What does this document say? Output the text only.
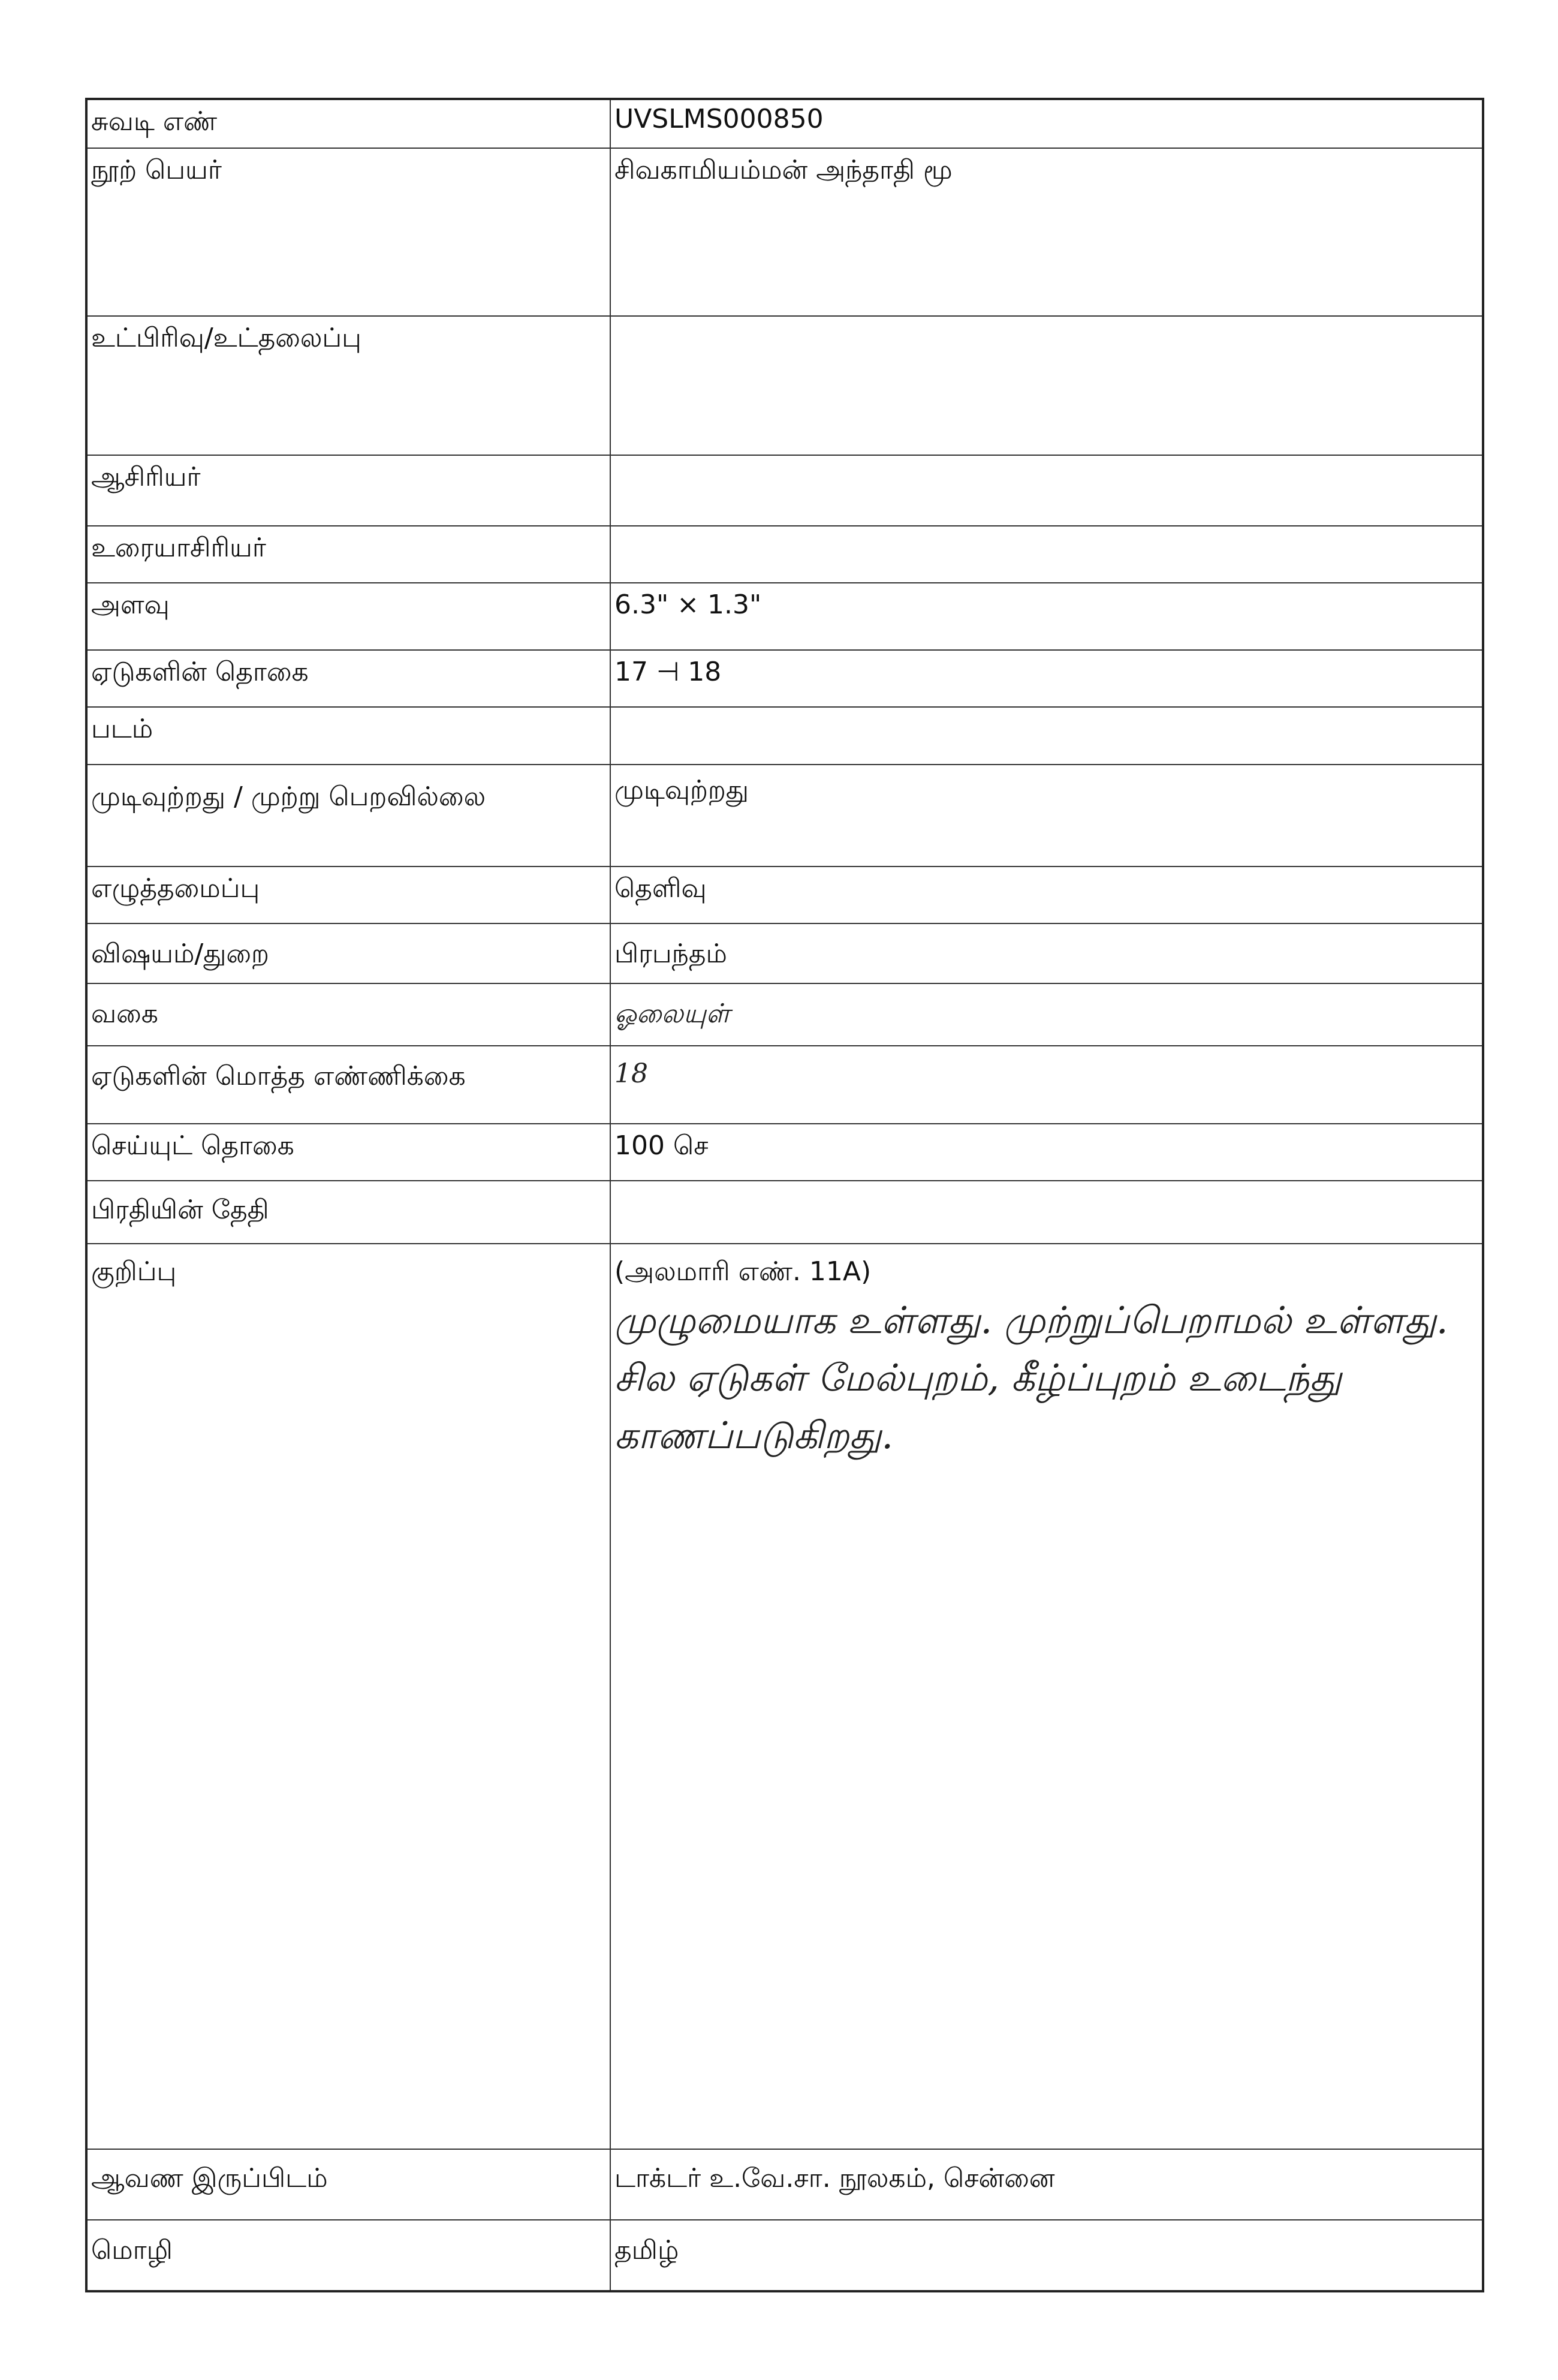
சுவடி எண்	UVSLMS000850
நூற் பெயர்	சிவகாமியம்மன் அந்தாதி மூ
உட்பிரிவு/உட்தலைப்பு	
ஆசிரியர்	
உரையாசிரியர்	
அளவு	6.3" × 1.3"
ஏடுகளின் தொகை	17 ⊣ 18
படம்	
முடிவுற்றது / முற்று பெறவில்லை	முடிவுற்றது
எழுத்தமைப்பு	தெளிவு
விஷயம்/துறை	பிரபந்தம்
வகை	ஓலையுள்
ஏடுகளின் மொத்த எண்ணிக்கை	18
செய்யுட் தொகை	100 செ
பிரதியின் தேதி	
குறிப்பு	(அலமாரி எண். 11A)
முழுமையாக உள்ளது. முற்றுப்பெறாமல் உள்ளது. சில ஏடுகள் மேல்புறம், கீழ்ப்புறம் உடைந்து காணப்படுகிறது.

ஆவண இருப்பிடம்	டாக்டர் உ.வே.சா. நூலகம், சென்னை
மொழி	தமிழ்
